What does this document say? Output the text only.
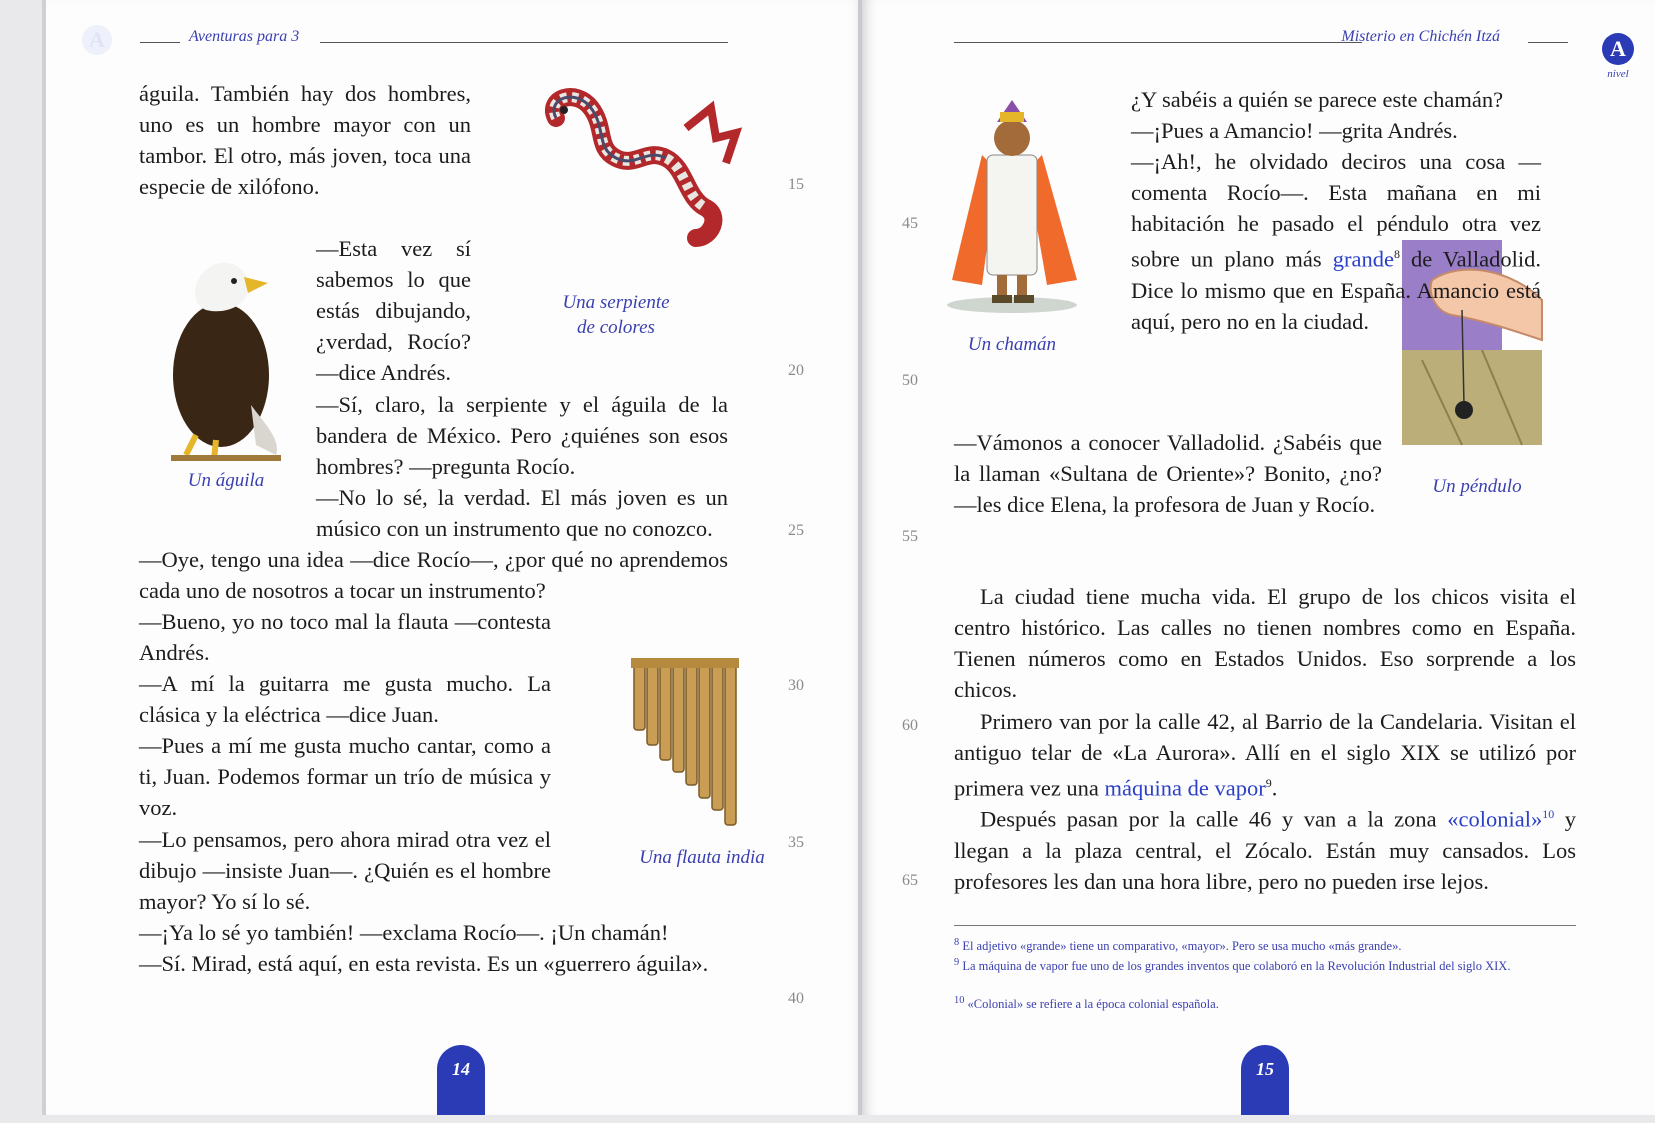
A	Aventuras para 3
Una serpiente
de colores
Un águila
Una flauta india
águila. También hay dos hombres, uno es un hombre mayor con un tambor. El otro, más joven, toca una especie de xilófono.
—Esta vez sí sabemos lo que estás dibujando, ¿verdad, Rocío? —dice Andrés.
—Sí, claro, la serpiente y el águila de la bandera de México. Pero ¿quiénes son esos hombres? —pregunta Rocío.
—No lo sé, la verdad. El más joven es un músico con un instrumento que no conozco.
—Oye, tengo una idea —dice Rocío—, ¿por qué no aprendemos cada uno de nosotros a tocar un instrumento?
—Bueno, yo no toco mal la flauta —contesta Andrés.
—A mí la guitarra me gusta mucho. La clásica y la eléctrica —dice Juan.
—Pues a mí me gusta mucho cantar, como a ti, Juan. Podemos formar un trío de música y voz.
—Lo pensamos, pero ahora mirad otra vez el dibujo —insiste Juan—. ¿Quién es el hombre mayor? Yo sí lo sé.
—¡Ya lo sé yo también! —exclama Rocío—. ¡Un chamán!
—Sí. Mirad, está aquí, en esta revista. Es un «guerrero águila».
15
20
25
30
35
40
14
Misterio en Chichén Itzá	A
nivel
Un chamán
Un péndulo
¿Y sabéis a quién se parece este chamán?
—¡Pues a Amancio! —grita Andrés.
—¡Ah!, he olvidado deciros una cosa —comenta Rocío—. Esta mañana en mi habitación he pasado el péndulo otra vez sobre un plano más grande$^8$ de Valladolid. Dice lo mismo que en España. Amancio está aquí, pero no en la ciudad.
—Vámonos a conocer Valladolid. ¿Sabéis que la llaman «Sultana de Oriente»? Bonito, ¿no? —les dice Elena, la profesora de Juan y Rocío.
La ciudad tiene mucha vida. El grupo de los chicos visita el centro histórico. Las calles no tienen nombres como en España. Tienen números como en Estados Unidos. Eso sorprende a los chicos.
Primero van por la calle 42, al Barrio de la Candelaria. Visitan el antiguo telar de «La Aurora». Allí en el siglo XIX se utilizó por primera vez una máquina de vapor$^9$.
Después pasan por la calle 46 y van a la zona «colonial»$^{10}$ y llegan a la plaza central, el Zócalo. Están muy cansados. Los profesores les dan una hora libre, pero no pueden irse lejos.
$^8$ El adjetivo «grande» tiene un comparativo, «mayor». Pero se usa mucho «más grande».
$^9$ La máquina de vapor fue uno de los grandes inventos que colaboró en la Revolución Industrial del siglo XIX.
$^{10}$ «Colonial» se refiere a la época colonial española.
45
50
55
60
65
15
